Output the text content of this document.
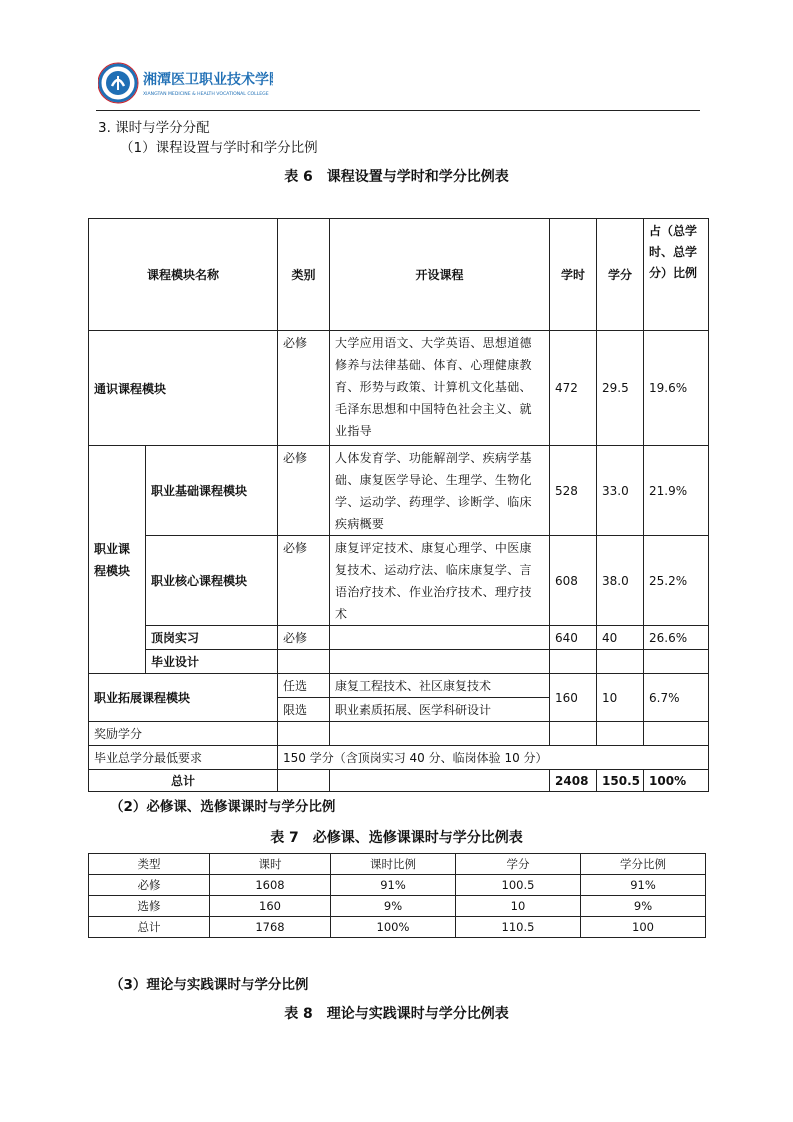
湘潭医卫职业技术学院
XIANGTAN MEDICINE & HEALTH VOCATIONAL COLLEGE
3. 课时与学分分配
（1）课程设置与学时和学分比例
表 6　课程设置与学时和学分比例表
课程模块名称		类别	开设课程	学时	学分	占（总学时、总学分）比例
通识课程模块		必修	大学应用语文、大学英语、思想道德修养与法律基础、体育、心理健康教育、形势与政策、计算机文化基础、毛泽东思想和中国特色社会主义、就业指导	472	29.5	19.6%
职业课程模块	职业基础课程模块	必修	人体发育学、功能解剖学、疾病学基础、康复医学导论、生理学、生物化学、运动学、药理学、诊断学、临床疾病概要	528	33.0	21.9%
	职业核心课程模块	必修	康复评定技术、康复心理学、中医康复技术、运动疗法、临床康复学、言语治疗技术、作业治疗技术、理疗技术	608	38.0	25.2%
	顶岗实习	必修		640	40	26.6%
	毕业设计					
职业拓展课程模块		任选	康复工程技术、社区康复技术	160	10	6.7%
		限选	职业素质拓展、医学科研设计			
奖励学分						
毕业总学分最低要求		150 学分（含顶岗实习 40 分、临岗体验 10 分）				
总计				2408	150.5	100%
（2）必修课、选修课课时与学分比例
表 7　必修课、选修课课时与学分比例表
类型	课时	课时比例	学分	学分比例
必修	1608	91%	100.5	91%
选修	160	9%	10	9%
总计	1768	100%	110.5	100
（3）理论与实践课时与学分比例
表 8　理论与实践课时与学分比例表
